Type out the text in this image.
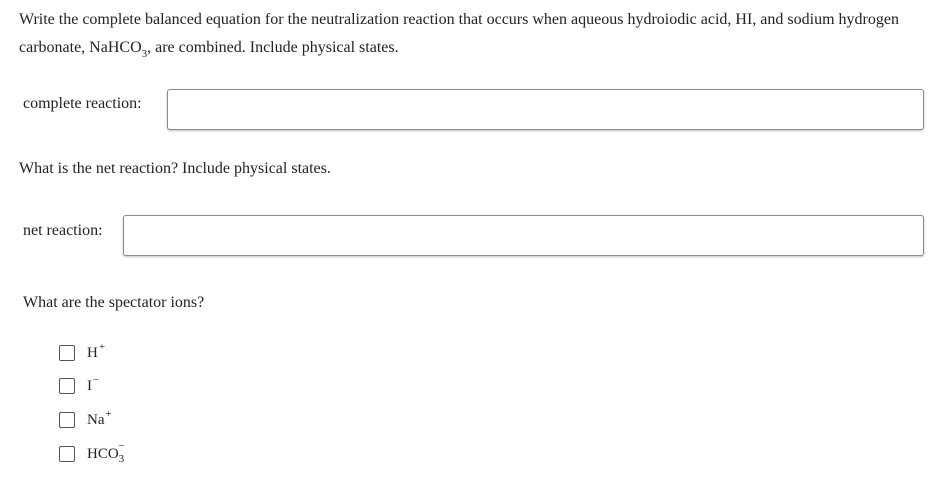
Write the complete balanced equation for the neutralization reaction that occurs when aqueous hydroiodic acid, HI, and sodium hydrogen carbonate, NaHCO$_3$, are combined. Include physical states.
complete reaction:
What is the net reaction? Include physical states.
net reaction:
What are the spectator ions?
H+
I−
Na+
HCO −
3
